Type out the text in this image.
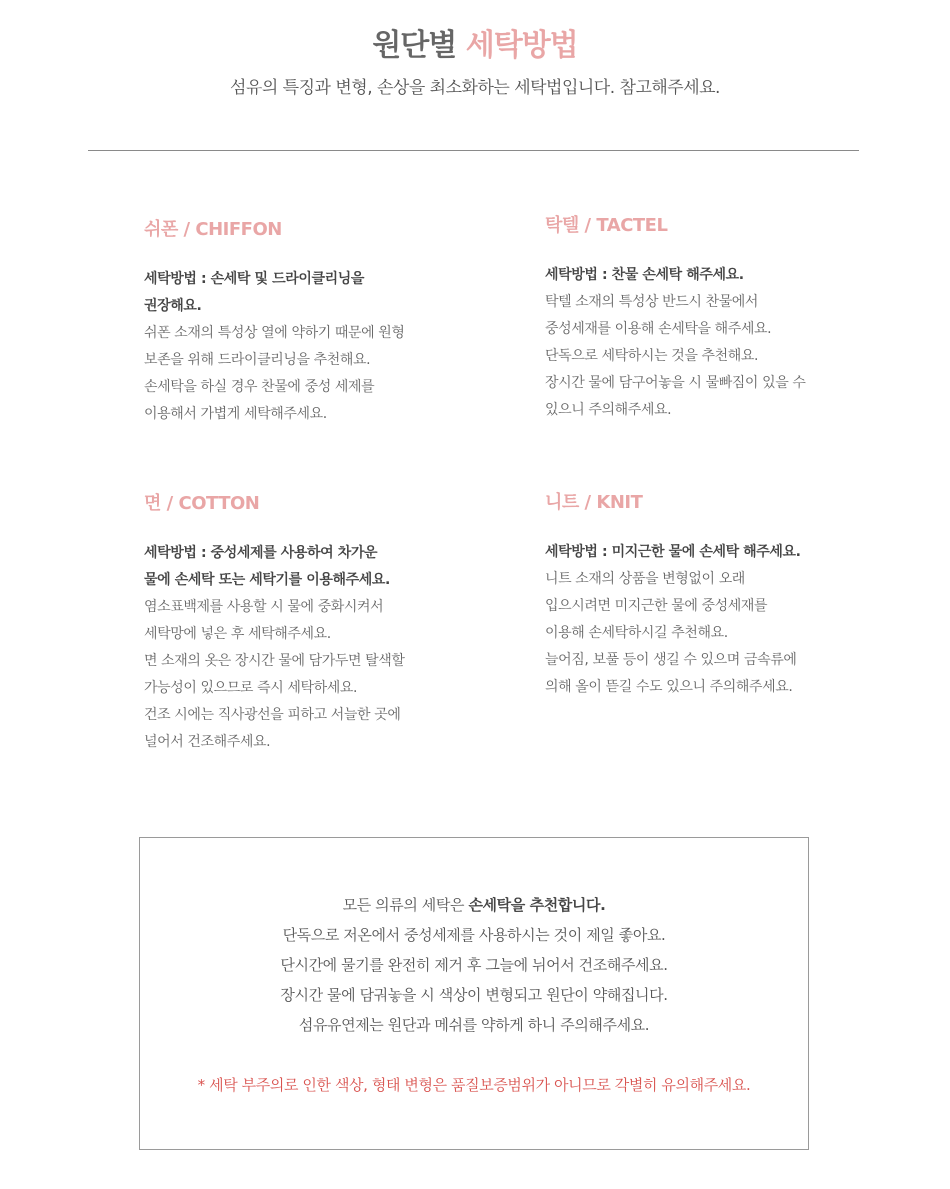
원단별 세탁방법
섬유의 특징과 변형, 손상을 최소화하는 세탁법입니다. 참고해주세요.
쉬폰 / CHIFFON
세탁방법 : 손세탁 및 드라이클리닝을
권장해요.
쉬폰 소재의 특성상 열에 약하기 때문에 원형
보존을 위해 드라이클리닝을 추천해요.
손세탁을 하실 경우 찬물에 중성 세제를
이용해서 가볍게 세탁해주세요.
탁텔 / TACTEL
세탁방법 : 찬물 손세탁 해주세요.
탁텔 소재의 특성상 반드시 찬물에서
중성세재를 이용해 손세탁을 해주세요.
단독으로 세탁하시는 것을 추천해요.
장시간 물에 담구어놓을 시 물빠짐이 있을 수
있으니 주의해주세요.
면 / COTTON
세탁방법 : 중성세제를 사용하여 차가운
물에 손세탁 또는 세탁기를 이용해주세요.
염소표백제를 사용할 시 물에 중화시켜서
세탁망에 넣은 후 세탁해주세요.
면 소재의 옷은 장시간 물에 담가두면 탈색할
가능성이 있으므로 즉시 세탁하세요.
건조 시에는 직사광선을 피하고 서늘한 곳에
널어서 건조해주세요.
니트 / KNIT
세탁방법 : 미지근한 물에 손세탁 해주세요.
니트 소재의 상품을 변형없이 오래
입으시려면 미지근한 물에 중성세재를
이용해 손세탁하시길 추천해요.
늘어짐, 보풀 등이 생길 수 있으며 금속류에
의해 올이 뜯길 수도 있으니 주의해주세요.
모든 의류의 세탁은 손세탁을 추천합니다.
단독으로 저온에서 중성세제를 사용하시는 것이 제일 좋아요.
단시간에 물기를 완전히 제거 후 그늘에 뉘어서 건조해주세요.
장시간 물에 담궈놓을 시 색상이 변형되고 원단이 약해집니다.
섬유유연제는 원단과 메쉬를 약하게 하니 주의해주세요.
* 세탁 부주의로 인한 색상, 형태 변형은 품질보증범위가 아니므로 각별히 유의해주세요.
